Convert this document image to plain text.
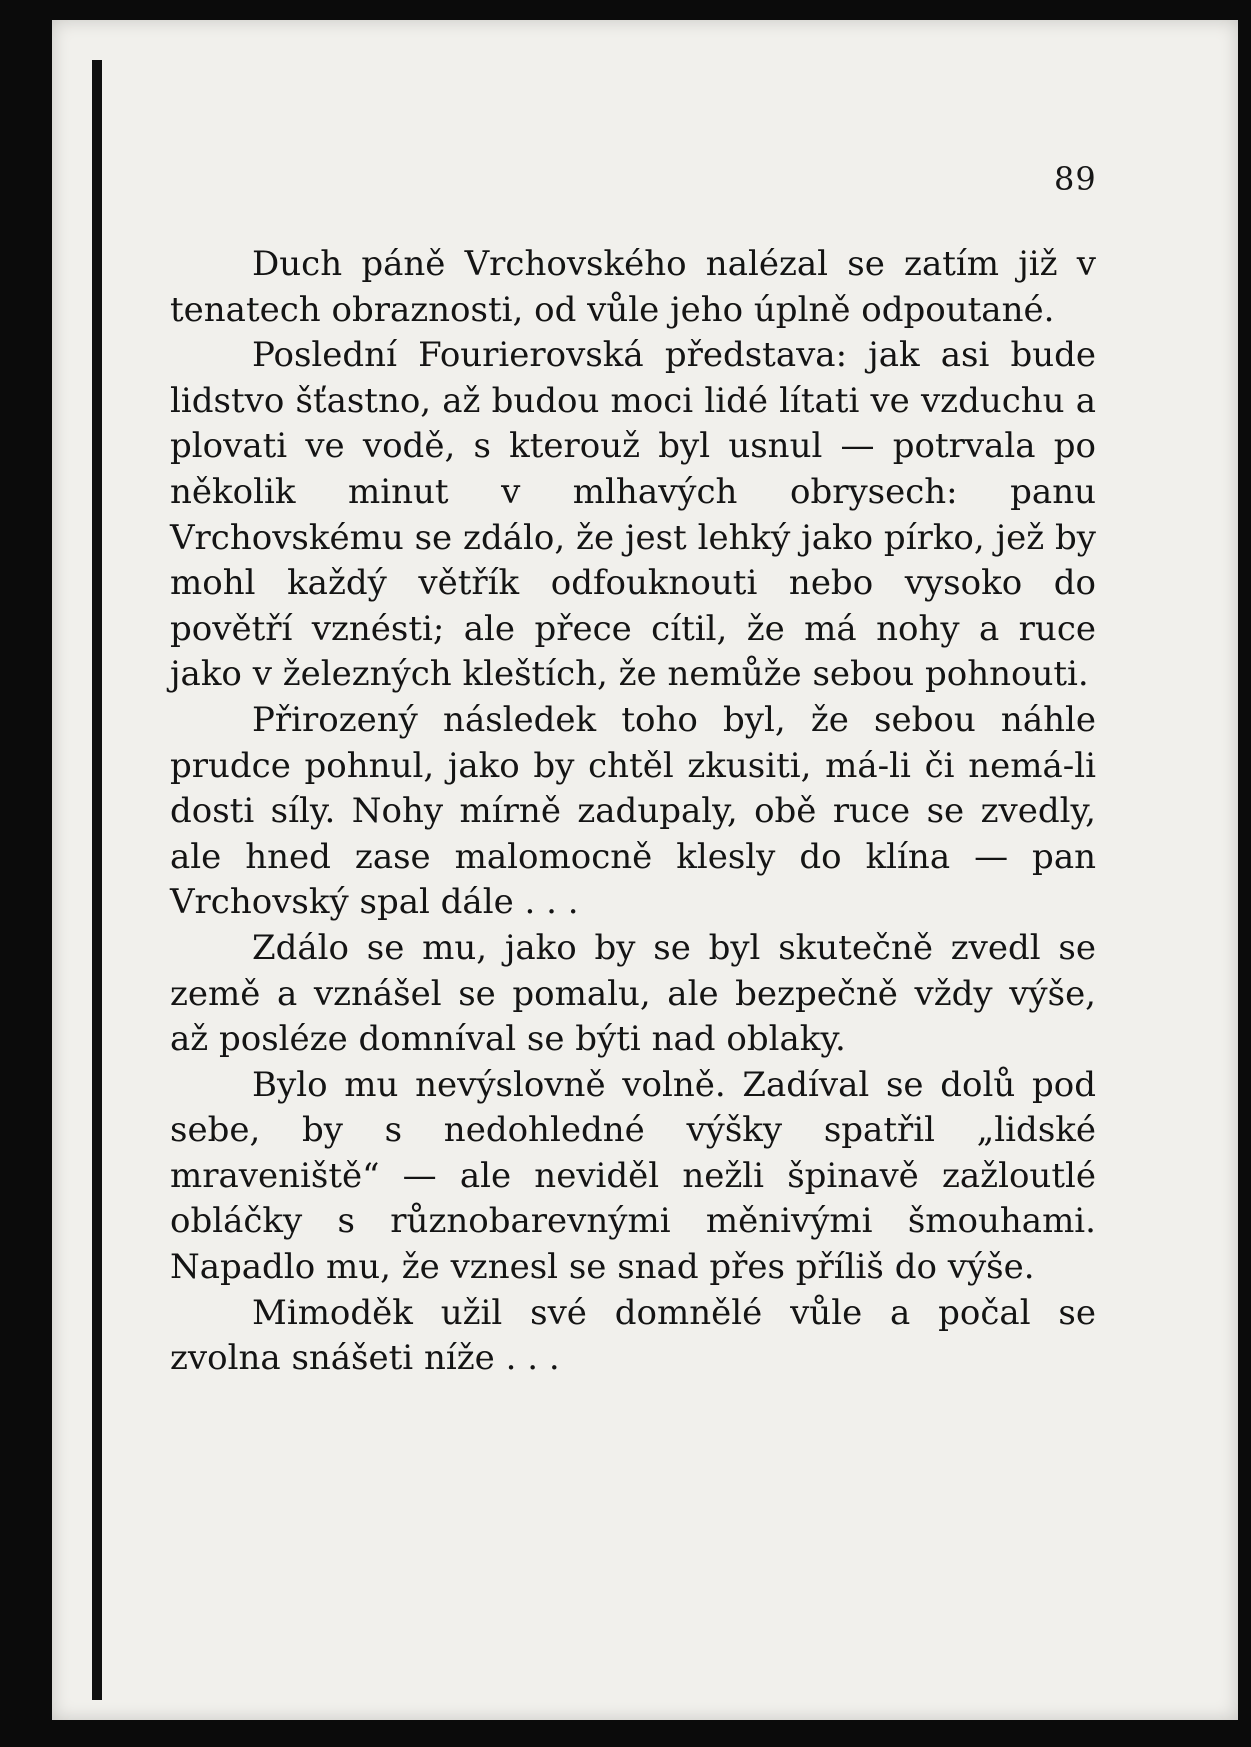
89

Duch páně Vrchovského nalézal se zatím již v tenatech obraznosti, od vůle jeho úplně odpoutané.

Poslední Fourierovská představa: jak asi bude lidstvo šťastno, až budou moci lidé lítati ve vzduchu a plovati ve vodě, s kterouž byl usnul — potrvala po několik minut v mlhavých obrysech: panu Vrchovskému se zdálo, že jest lehký jako pírko, jež by mohl každý větřík odfouknouti nebo vysoko do povětří vznésti; ale přece cítil, že má nohy a ruce jako v železných kleštích, že nemůže sebou pohnouti.

Přirozený následek toho byl, že sebou náhle prudce pohnul, jako by chtěl zkusiti, má-li či nemá-li dosti síly. Nohy mírně zadupaly, obě ruce se zvedly, ale hned zase malomocně klesly do klína — pan Vrchovský spal dále . . .

Zdálo se mu, jako by se byl skutečně zvedl se země a vznášel se pomalu, ale bezpečně vždy výše, až posléze domníval se býti nad oblaky.

Bylo mu nevýslovně volně. Zadíval se dolů pod sebe, by s nedohledné výšky spatřil „lidské mraveniště“ — ale neviděl nežli špinavě zažloutlé obláčky s různobarevnými měnivými šmouhami. Napadlo mu, že vznesl se snad přes příliš do výše.

Mimoděk užil své domnělé vůle a počal se zvolna snášeti níže . . .
